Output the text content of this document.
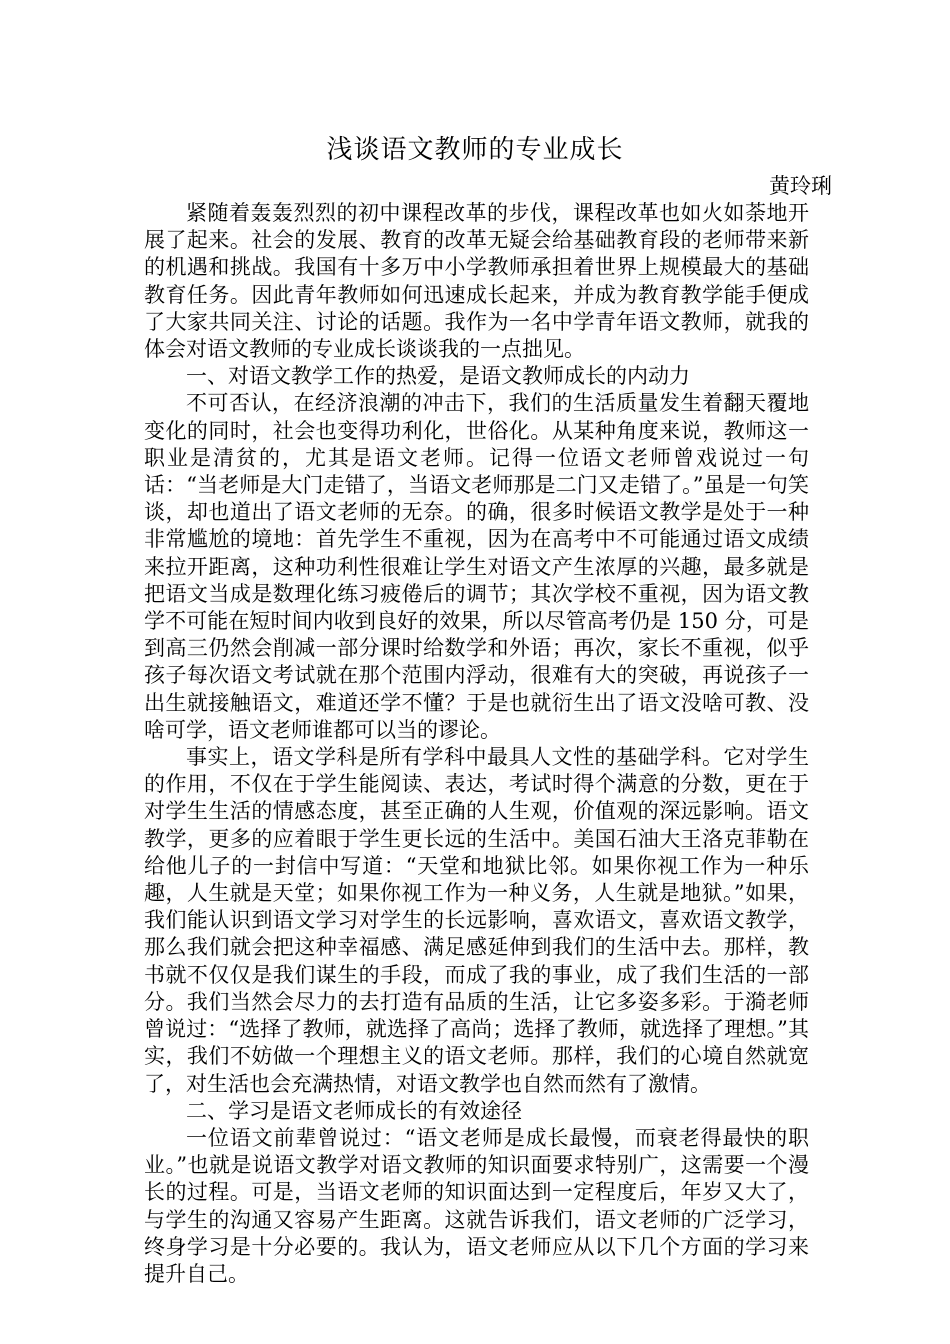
浅谈语文教师的专业成长
黄玲琍

紧随着轰轰烈烈的初中课程改革的步伐，课程改革也如火如荼地开展了起来。社会的发展、教育的改革无疑会给基础教育段的老师带来新的机遇和挑战。我国有十多万中小学教师承担着世界上规模最大的基础教育任务。因此青年教师如何迅速成长起来，并成为教育教学能手便成了大家共同关注、讨论的话题。我作为一名中学青年语文教师，就我的体会对语文教师的专业成长谈谈我的一点拙见。

一、对语文教学工作的热爱，是语文教师成长的内动力

不可否认，在经济浪潮的冲击下，我们的生活质量发生着翻天覆地变化的同时，社会也变得功利化，世俗化。从某种角度来说，教师这一职业是清贫的，尤其是语文老师。记得一位语文老师曾戏说过一句话：“当老师是大门走错了，当语文老师那是二门又走错了。”虽是一句笑谈，却也道出了语文老师的无奈。的确，很多时候语文教学是处于一种非常尴尬的境地：首先学生不重视，因为在高考中不可能通过语文成绩来拉开距离，这种功利性很难让学生对语文产生浓厚的兴趣，最多就是把语文当成是数理化练习疲倦后的调节；其次学校不重视，因为语文教学不可能在短时间内收到良好的效果，所以尽管高考仍是 150 分，可是到高三仍然会削减一部分课时给数学和外语；再次，家长不重视，似乎孩子每次语文考试就在那个范围内浮动，很难有大的突破，再说孩子一出生就接触语文，难道还学不懂？于是也就衍生出了语文没啥可教、没啥可学，语文老师谁都可以当的谬论。

事实上，语文学科是所有学科中最具人文性的基础学科。它对学生的作用，不仅在于学生能阅读、表达，考试时得个满意的分数，更在于对学生生活的情感态度，甚至正确的人生观，价值观的深远影响。语文教学，更多的应着眼于学生更长远的生活中。美国石油大王洛克菲勒在给他儿子的一封信中写道：“天堂和地狱比邻。如果你视工作为一种乐趣，人生就是天堂；如果你视工作为一种义务，人生就是地狱。”如果，我们能认识到语文学习对学生的长远影响，喜欢语文，喜欢语文教学，那么我们就会把这种幸福感、满足感延伸到我们的生活中去。那样，教书就不仅仅是我们谋生的手段，而成了我的事业，成了我们生活的一部分。我们当然会尽力的去打造有品质的生活，让它多姿多彩。于漪老师曾说过：“选择了教师，就选择了高尚；选择了教师，就选择了理想。”其实，我们不妨做一个理想主义的语文老师。那样，我们的心境自然就宽了，对生活也会充满热情，对语文教学也自然而然有了激情。

二、学习是语文老师成长的有效途径

一位语文前辈曾说过：“语文老师是成长最慢，而衰老得最快的职业。”也就是说语文教学对语文教师的知识面要求特别广，这需要一个漫长的过程。可是，当语文老师的知识面达到一定程度后，年岁又大了，与学生的沟通又容易产生距离。这就告诉我们，语文老师的广泛学习，终身学习是十分必要的。我认为，语文老师应从以下几个方面的学习来提升自己。
